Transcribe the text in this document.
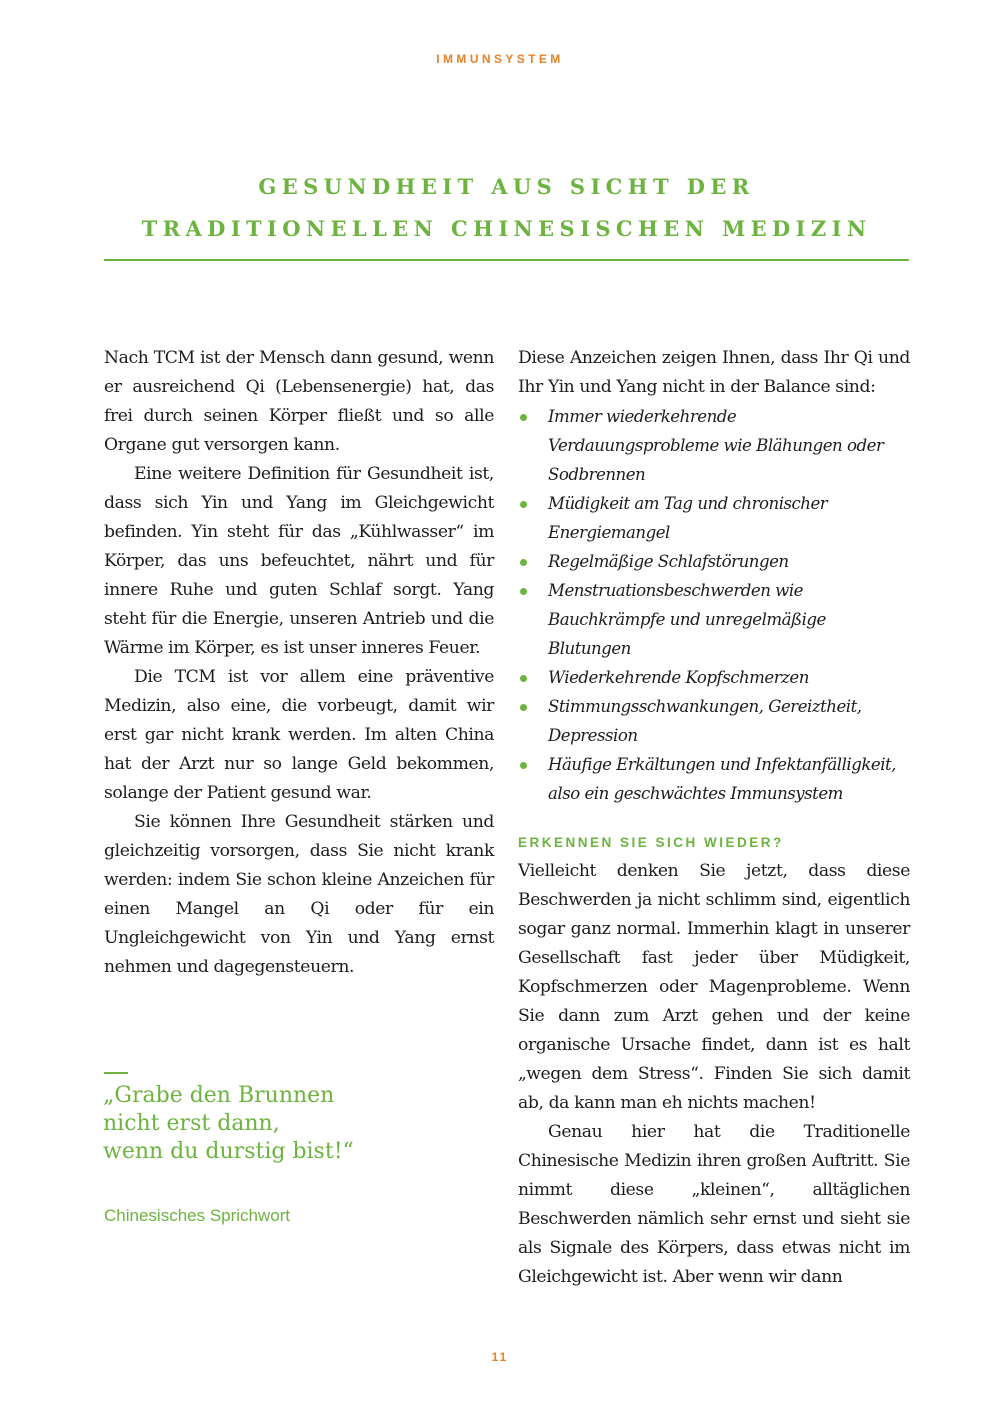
IMMUNSYSTEM
GESUNDHEIT AUS SICHT DER
TRADITIONELLEN CHINESISCHEN MEDIZIN

Nach TCM ist der Mensch dann gesund, wenn er ausreichend Qi (Lebensenergie) hat, das frei durch seinen Körper fließt und so alle Organe gut versorgen kann.

Eine weitere Definition für Gesundheit ist, dass sich Yin und Yang im Gleichgewicht befinden. Yin steht für das „Kühlwasser“ im Körper, das uns befeuchtet, nährt und für innere Ruhe und guten Schlaf sorgt. Yang steht für die Energie, unseren Antrieb und die Wärme im Körper, es ist unser inneres Feuer.

Die TCM ist vor allem eine präventive Medizin, also eine, die vorbeugt, damit wir erst gar nicht krank werden. Im alten China hat der Arzt nur so lange Geld bekommen, solange der Patient gesund war.

Sie können Ihre Gesundheit stärken und gleichzeitig vorsorgen, dass Sie nicht krank werden: indem Sie schon kleine Anzeichen für einen Mangel an Qi oder für ein Ungleichgewicht von Yin und Yang ernst nehmen und dagegensteuern.

„Grabe den Brunnen
nicht erst dann,
wenn du durstig bist!“
Chinesisches Sprichwort

Diese Anzeichen zeigen Ihnen, dass Ihr Qi und Ihr Yin und Yang nicht in der Balance sind:

Immer wiederkehrende Verdauungsprobleme wie Blähungen oder Sodbrennen
Müdigkeit am Tag und chronischer Energiemangel
Regelmäßige Schlafstörungen
Menstruationsbeschwerden wie Bauchkrämpfe und unregelmäßige Blutungen
Wiederkehrende Kopfschmerzen
Stimmungsschwankungen, Gereiztheit, Depression
Häufige Erkältungen und Infektanfälligkeit, also ein geschwächtes Immunsystem
ERKENNEN SIE SICH WIEDER?

Vielleicht denken Sie jetzt, dass diese Beschwerden ja nicht schlimm sind, eigentlich sogar ganz normal. Immerhin klagt in unserer Gesellschaft fast jeder über Müdigkeit, Kopfschmerzen oder Magenprobleme. Wenn Sie dann zum Arzt gehen und der keine organische Ursache findet, dann ist es halt „wegen dem Stress“. Finden Sie sich damit ab, da kann man eh nichts machen!

Genau hier hat die Traditionelle Chinesische Medizin ihren großen Auftritt. Sie nimmt diese „kleinen“, alltäglichen Beschwerden nämlich sehr ernst und sieht sie als Signale des Körpers, dass etwas nicht im Gleichgewicht ist. Aber wenn wir dann

11
